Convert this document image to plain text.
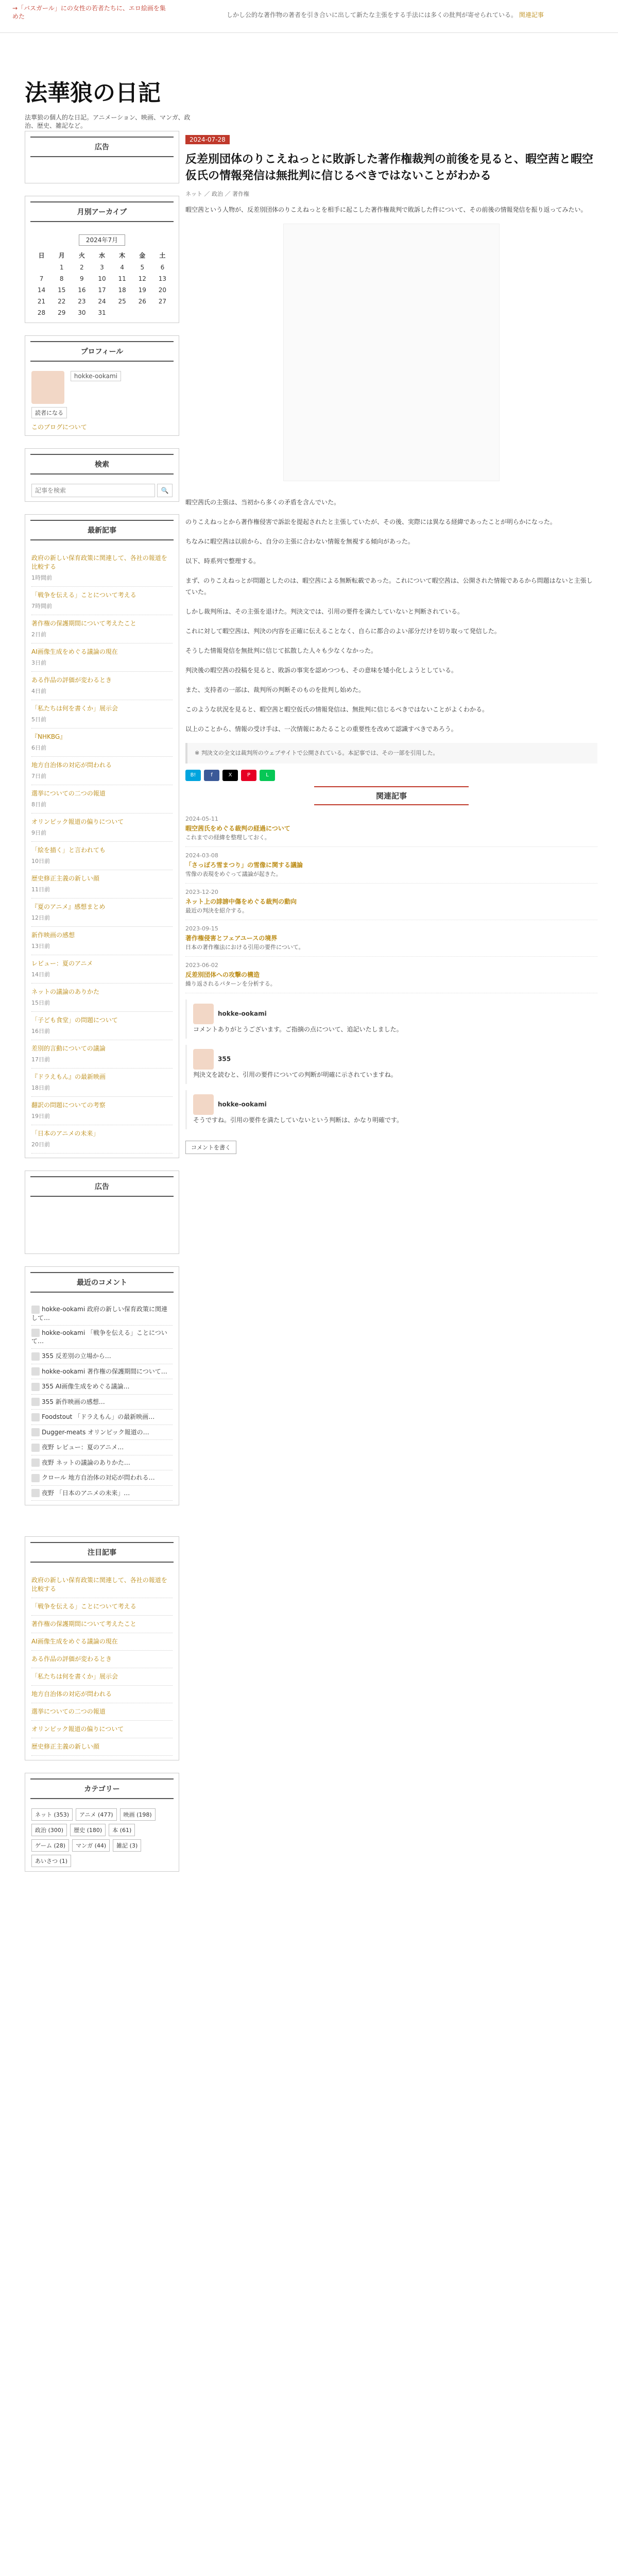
→「バスガール」にの女性の若者たちに、エロ絵画を集めた	しかし公的な著作物の著者を引き合いに出して新たな主張をする手法には多くの批判が寄せられている。 関連記事
法華狼の日記
法華狼の個人的な日記。アニメーション、映画、マンガ、政治、歴史、雑記など。
広告
月別アーカイブ
2024年7月
日	月	火	水	木	金	土
	1	2	3	4	5	6
7	8	9	10	11	12	13
14	15	16	17	18	19	20
21	22	23	24	25	26	27
28	29	30	31			
プロフィール
hokke-ookami
読者になる
このブログについて
検索
記事を検索
🔍
最新記事
政府の新しい保育政策に関連して、各社の報道を比較する
1時間前
「戦争を伝える」ことについて考える
7時間前
著作権の保護期間について考えたこと
2日前
AI画像生成をめぐる議論の現在
3日前
ある作品の評価が変わるとき
4日前
「私たちは何を書くか」展示会
5日前
『NHKBG』
6日前
地方自治体の対応が問われる
7日前
選挙についての二つの報道
8日前
オリンピック報道の偏りについて
9日前
「絵を描く」と言われても
10日前
歴史修正主義の新しい顔
11日前
『夏のアニメ』感想まとめ
12日前
新作映画の感想
13日前
レビュー：夏のアニメ
14日前
ネットの議論のありかた
15日前
「子ども食堂」の問題について
16日前
差別的言動についての議論
17日前
『ドラえもん』の最新映画
18日前
翻訳の問題についての考察
19日前
「日本のアニメの未来」
20日前
広告
最近のコメント
hokke-ookami 政府の新しい保育政策に関連して…
hokke-ookami 「戦争を伝える」ことについて…
355 反差別の立場から…
hokke-ookami 著作権の保護期間について…
355 AI画像生成をめぐる議論…
355 新作映画の感想…
Foodstout 「ドラえもん」の最新映画…
Dugger-meats オリンピック報道の…
夜野 レビュー：夏のアニメ…
夜野 ネットの議論のありかた…
クロール 地方自治体の対応が問われる…
夜野 「日本のアニメの未来」…
注目記事
政府の新しい保育政策に関連して、各社の報道を比較する
「戦争を伝える」ことについて考える
著作権の保護期間について考えたこと
AI画像生成をめぐる議論の現在
ある作品の評価が変わるとき
「私たちは何を書くか」展示会
地方自治体の対応が問われる
選挙についての二つの報道
オリンピック報道の偏りについて
歴史修正主義の新しい顔
カテゴリー
ネット (353)	アニメ (477)	映画 (198)
政治 (300)	歴史 (180)	本 (61)
ゲーム (28)	マンガ (44)	雑記 (3)
あいさつ (1)
2024-07-28
反差別団体のりこえねっとに敗訴した著作権裁判の前後を見ると、暇空茜と暇空仮氏の情報発信は無批判に信じるべきではないことがわかる
ネット ／ 政治 ／ 著作権

暇空茜という人物が、反差別団体のりこえねっとを相手に起こした著作権裁判で敗訴した件について、その前後の情報発信を振り返ってみたい。

暇空茜氏の主張は、当初から多くの矛盾を含んでいた。

のりこえねっとから著作権侵害で訴訟を提起されたと主張していたが、その後、実際には異なる経緯であったことが明らかになった。

ちなみに暇空茜は以前から、自分の主張に合わない情報を無視する傾向があった。

以下、時系列で整理する。

まず、のりこえねっとが問題としたのは、暇空茜による無断転載であった。これについて暇空茜は、公開された情報であるから問題はないと主張していた。

しかし裁判所は、その主張を退けた。判決文では、引用の要件を満たしていないと判断されている。

これに対して暇空茜は、判決の内容を正確に伝えることなく、自らに都合のよい部分だけを切り取って発信した。

そうした情報発信を無批判に信じて拡散した人々も少なくなかった。

判決後の暇空茜の投稿を見ると、敗訴の事実を認めつつも、その意味を矮小化しようとしている。

また、支持者の一部は、裁判所の判断そのものを批判し始めた。

このような状況を見ると、暇空茜と暇空仮氏の情報発信は、無批判に信じるべきではないことがよくわかる。

以上のことから、情報の受け手は、一次情報にあたることの重要性を改めて認識すべきであろう。

※ 判決文の全文は裁判所のウェブサイトで公開されている。本記事では、その一部を引用した。
B!	f	X	P	L
関連記事
2024-05-11
暇空茜氏をめぐる裁判の経過について
これまでの経緯を整理しておく。
2024-03-08
「さっぽろ雪まつり」の雪像に関する議論
雪像の表現をめぐって議論が起きた。
2023-12-20
ネット上の誹謗中傷をめぐる裁判の動向
最近の判決を紹介する。
2023-09-15
著作権侵害とフェアユースの境界
日本の著作権法における引用の要件について。
2023-06-02
反差別団体への攻撃の構造
繰り返されるパターンを分析する。
hokke-ookami
コメントありがとうございます。ご指摘の点について、追記いたしました。
355
判決文を読むと、引用の要件についての判断が明確に示されていますね。
hokke-ookami
そうですね。引用の要件を満たしていないという判断は、かなり明確です。
コメントを書く
